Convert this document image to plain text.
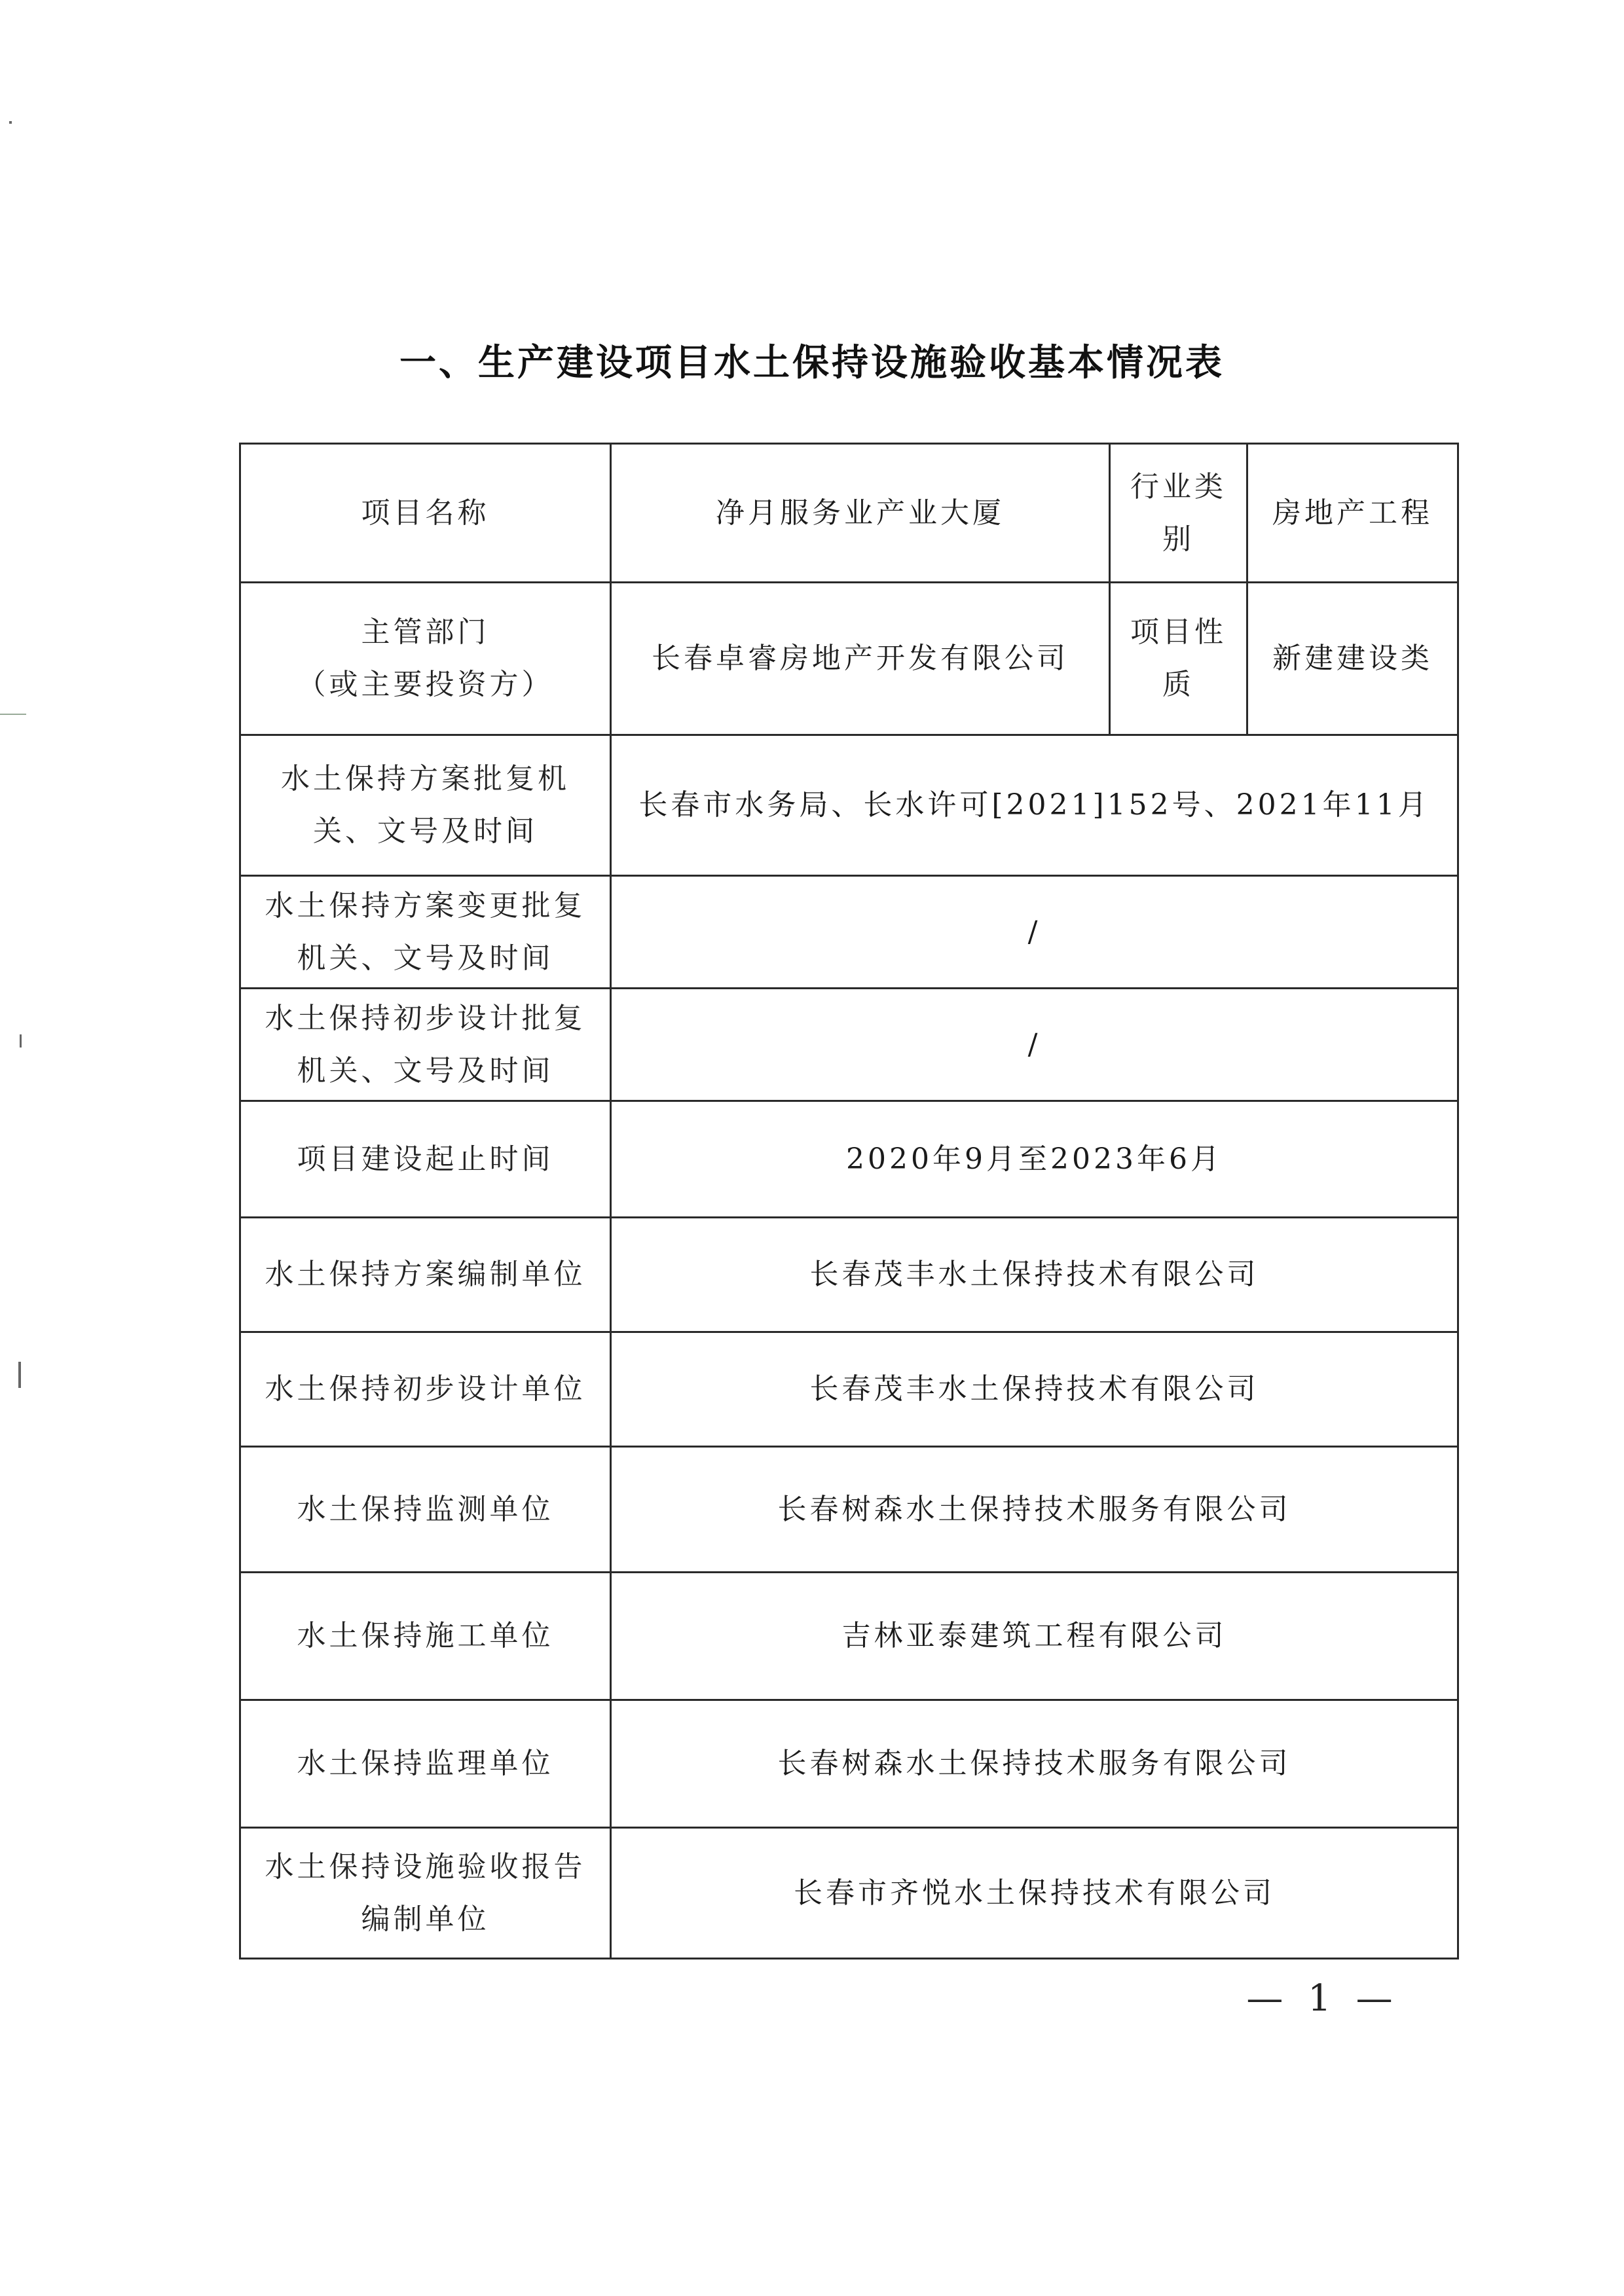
一、生产建设项目水土保持设施验收基本情况表
项目名称	净月服务业产业大厦	行业类别	房地产工程

主管部门
（或主要投资方）	长春卓睿房地产开发有限公司	项目性质	新建建设类
水土保持方案批复机关、文号及时间	长春市水务局、长水许可[2021]152号、2021年11月		
水土保持方案变更批复机关、文号及时间	/		
水土保持初步设计批复机关、文号及时间	/		
项目建设起止时间	2020年9月至2023年6月		
水土保持方案编制单位	长春茂丰水土保持技术有限公司		
水土保持初步设计单位	长春茂丰水土保持技术有限公司		
水土保持监测单位	长春树森水土保持技术服务有限公司		
水土保持施工单位	吉林亚泰建筑工程有限公司		
水土保持监理单位	长春树森水土保持技术服务有限公司		
水土保持设施验收报告编制单位	长春市齐悦水土保持技术有限公司		
— 1 —
